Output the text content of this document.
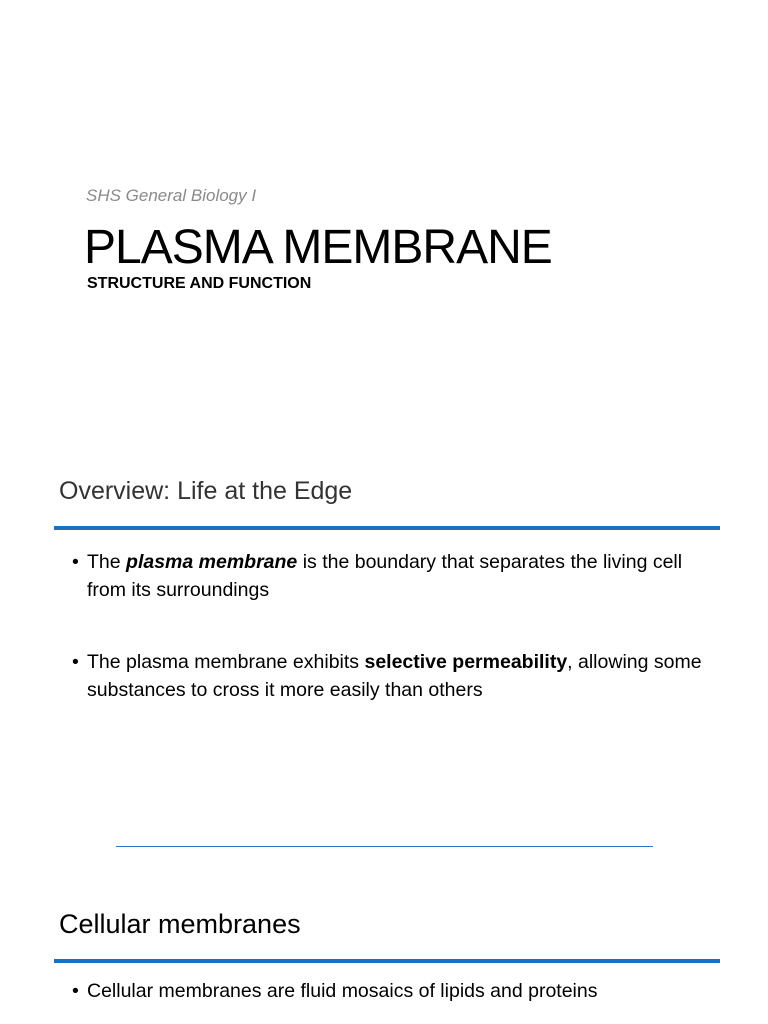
SHS General Biology I
PLASMA MEMBRANE
STRUCTURE AND FUNCTION
Overview: Life at the Edge
• The plasma membrane is the boundary that separates the living cell from its surroundings
• The plasma membrane exhibits selective permeability, allowing some substances to cross it more easily than others
Cellular membranes
• Cellular membranes are fluid mosaics of lipids and proteins
